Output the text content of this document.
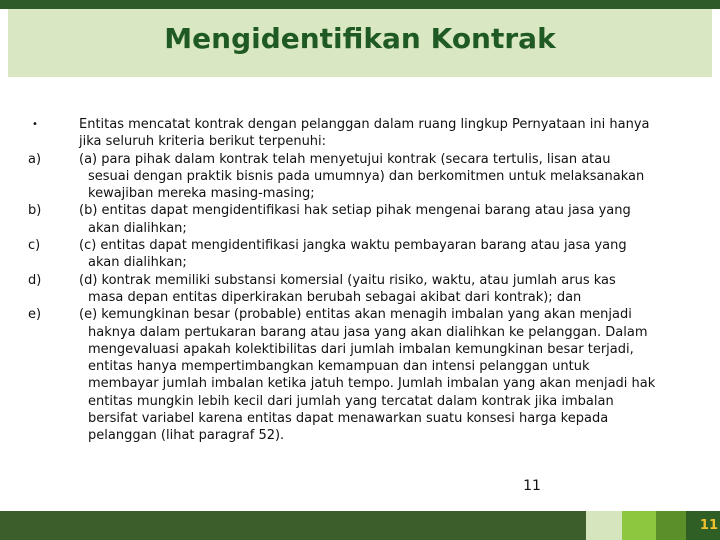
Mengidentifikan Kontrak
•	Entitas mencatat kontrak dengan pelanggan dalam ruang lingkup Pernyataan ini hanya
jika seluruh kriteria berikut terpenuhi:
a)	(a) para pihak dalam kontrak telah menyetujui kontrak (secara tertulis, lisan atau
sesuai dengan praktik bisnis pada umumnya) dan berkomitmen untuk melaksanakan
kewajiban mereka masing-masing;
b)	(b) entitas dapat mengidentifikasi hak setiap pihak mengenai barang atau jasa yang
akan dialihkan;
c)	(c) entitas dapat mengidentifikasi jangka waktu pembayaran barang atau jasa yang
akan dialihkan;
d)	(d) kontrak memiliki substansi komersial (yaitu risiko, waktu, atau jumlah arus kas
masa depan entitas diperkirakan berubah sebagai akibat dari kontrak); dan
e)	(e) kemungkinan besar (probable) entitas akan menagih imbalan yang akan menjadi
haknya dalam pertukaran barang atau jasa yang akan dialihkan ke pelanggan. Dalam
mengevaluasi apakah kolektibilitas dari jumlah imbalan kemungkinan besar terjadi,
entitas hanya mempertimbangkan kemampuan dan intensi pelanggan untuk
membayar jumlah imbalan ketika jatuh tempo. Jumlah imbalan yang akan menjadi hak
entitas mungkin lebih kecil dari jumlah yang tercatat dalam kontrak jika imbalan
bersifat variabel karena entitas dapat menawarkan suatu konsesi harga kepada
pelanggan (lihat paragraf 52).
11
11
